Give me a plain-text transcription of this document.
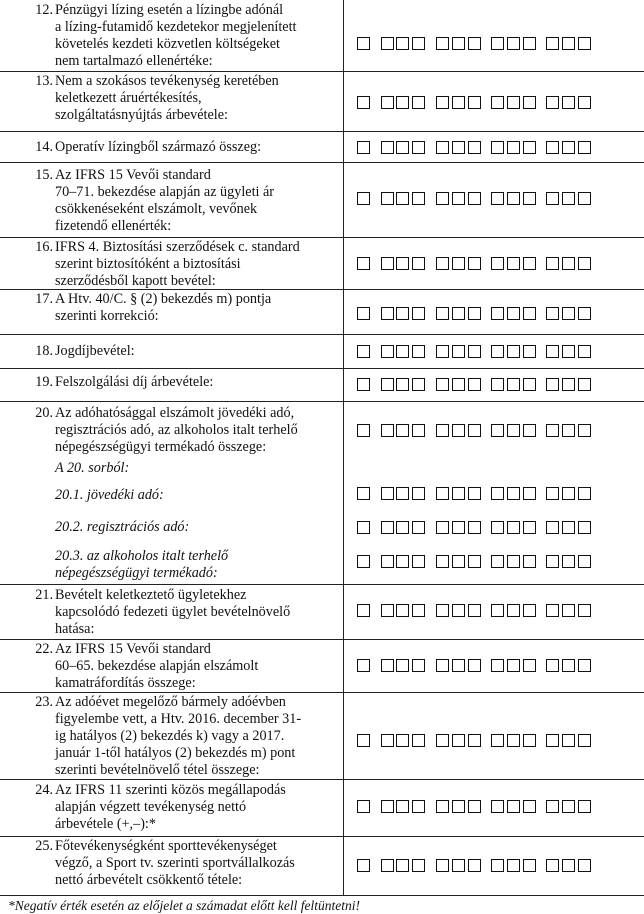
12. Pénzügyi lízing esetén a lízingbe adónál
a lízing-futamidő kezdetekor megjelenített
követelés kezdeti közvetlen költségeket
nem tartalmazó ellenértéke:
13. Nem a szokásos tevékenység keretében
keletkezett áruértékesítés,
szolgáltatásnyújtás árbevétele:
14. Operatív lízingből származó összeg:
15. Az IFRS 15 Vevői standard
70–71. bekezdése alapján az ügyleti ár
csökkenéseként elszámolt, vevőnek
fizetendő ellenérték:
16. IFRS 4. Biztosítási szerződések c. standard
szerint biztosítóként a biztosítási
szerződésből kapott bevétel:
17. A Htv. 40/C. § (2) bekezdés m) pontja
szerinti korrekció:
18. Jogdíjbevétel:
19. Felszolgálási díj árbevétele:
20. Az adóhatósággal elszámolt jövedéki adó,
regisztrációs adó, az alkoholos italt terhelő
népegészségügyi termékadó összege:
A 20. sorból:
20.1. jövedéki adó:
20.2. regisztrációs adó:
20.3. az alkoholos italt terhelő
népegészségügyi termékadó:
21. Bevételt keletkeztető ügyletekhez
kapcsolódó fedezeti ügylet bevételnövelő
hatása:
22. Az IFRS 15 Vevői standard
60–65. bekezdése alapján elszámolt
kamatráfordítás összege:
23. Az adóévet megelőző bármely adóévben
figyelembe vett, a Htv. 2016. december 31-
ig hatályos (2) bekezdés k) vagy a 2017.
január 1-től hatályos (2) bekezdés m) pont
szerinti bevételnövelő tétel összege:
24. Az IFRS 11 szerinti közös megállapodás
alapján végzett tevékenység nettó
árbevétele (+,–):*
25. Főtevékenységként sporttevékenységet
végző, a Sport tv. szerinti sportvállalkozás
nettó árbevételt csökkentő tétele:
*Negatív érték esetén az előjelet a számadat előtt kell feltüntetni!
